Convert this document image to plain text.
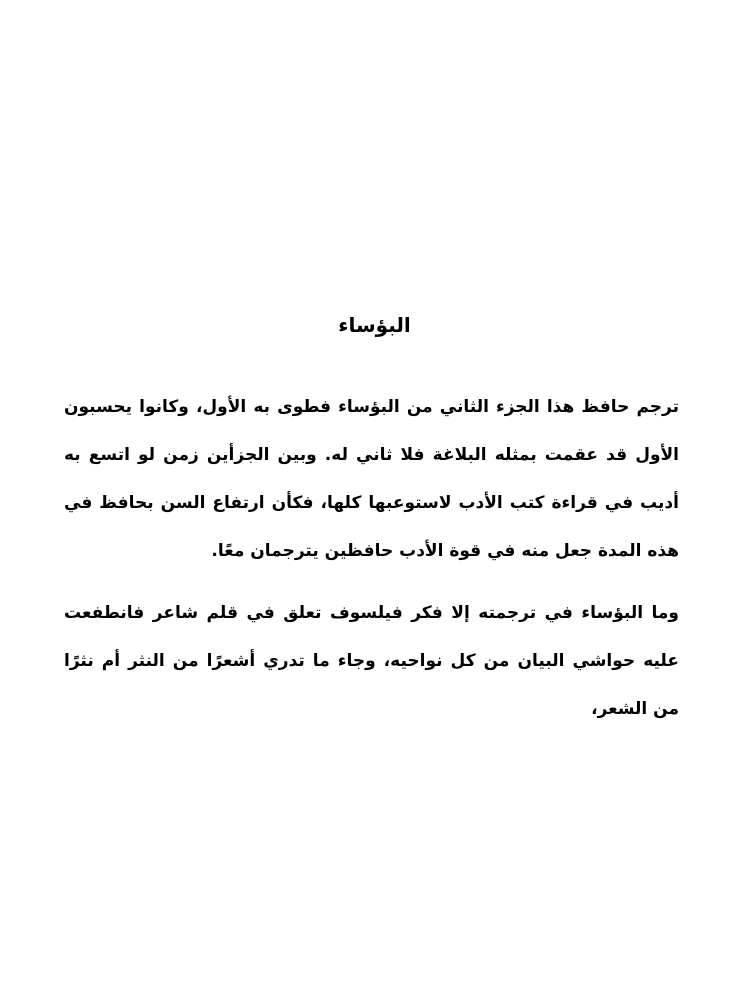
البؤساء

ترجم حافظ هذا الجزء الثاني من البؤساء فطوى به الأول، وكانوا يحسبون الأول قد عقمت بمثله البلاغة فلا ثاني له. وبين الجزأين زمن لو اتسع به أديب في قراءة كتب الأدب لاستوعبها كلها، فكأن ارتفاع السن بحافظ في هذه المدة جعل منه في قوة الأدب حافظين يترجمان معًا.

وما البؤساء في ترجمته إلا فكر فيلسوف تعلق في قلم شاعر فانطفعت عليه حواشي البيان من كل نواحيه، وجاء ما تدري أشعرًا من النثر أم نثرًا من الشعر،
